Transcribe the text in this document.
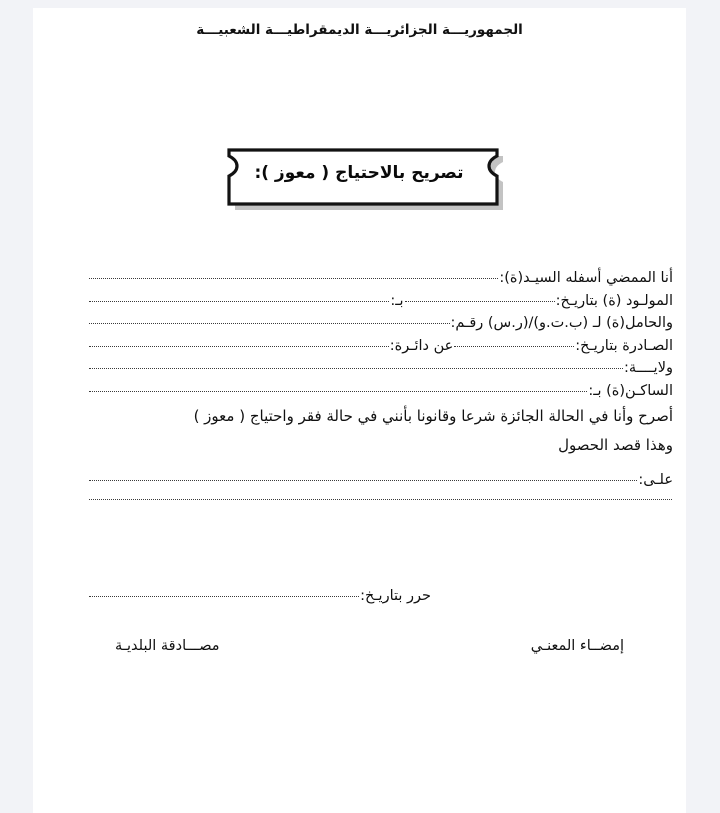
الجمهوريـــة الجزائريـــة الديمقراطيـــة الشعبيـــة
تصريح بالاحتياج ( معوز ):
أنا الممضي أسفله السيـد(ة):
المولـود (ة) بتاريـخ:
بـ:
والحامل(ة) لـ (ب.ت.و)/(ر.س) رقـم:
الصـادرة بتاريـخ:
عن دائـرة:
ولايــــة:
الساكـن(ة) بـ:
أصرح وأنا في الحالة الجائزة شرعا وقانونا بأنني في حالة فقر واحتياج ( معوز )
وهذا قصد الحصول
علـى:
حرر بتاريـخ:
إمضــاء المعنـي
مصـــادقة البلديـة
